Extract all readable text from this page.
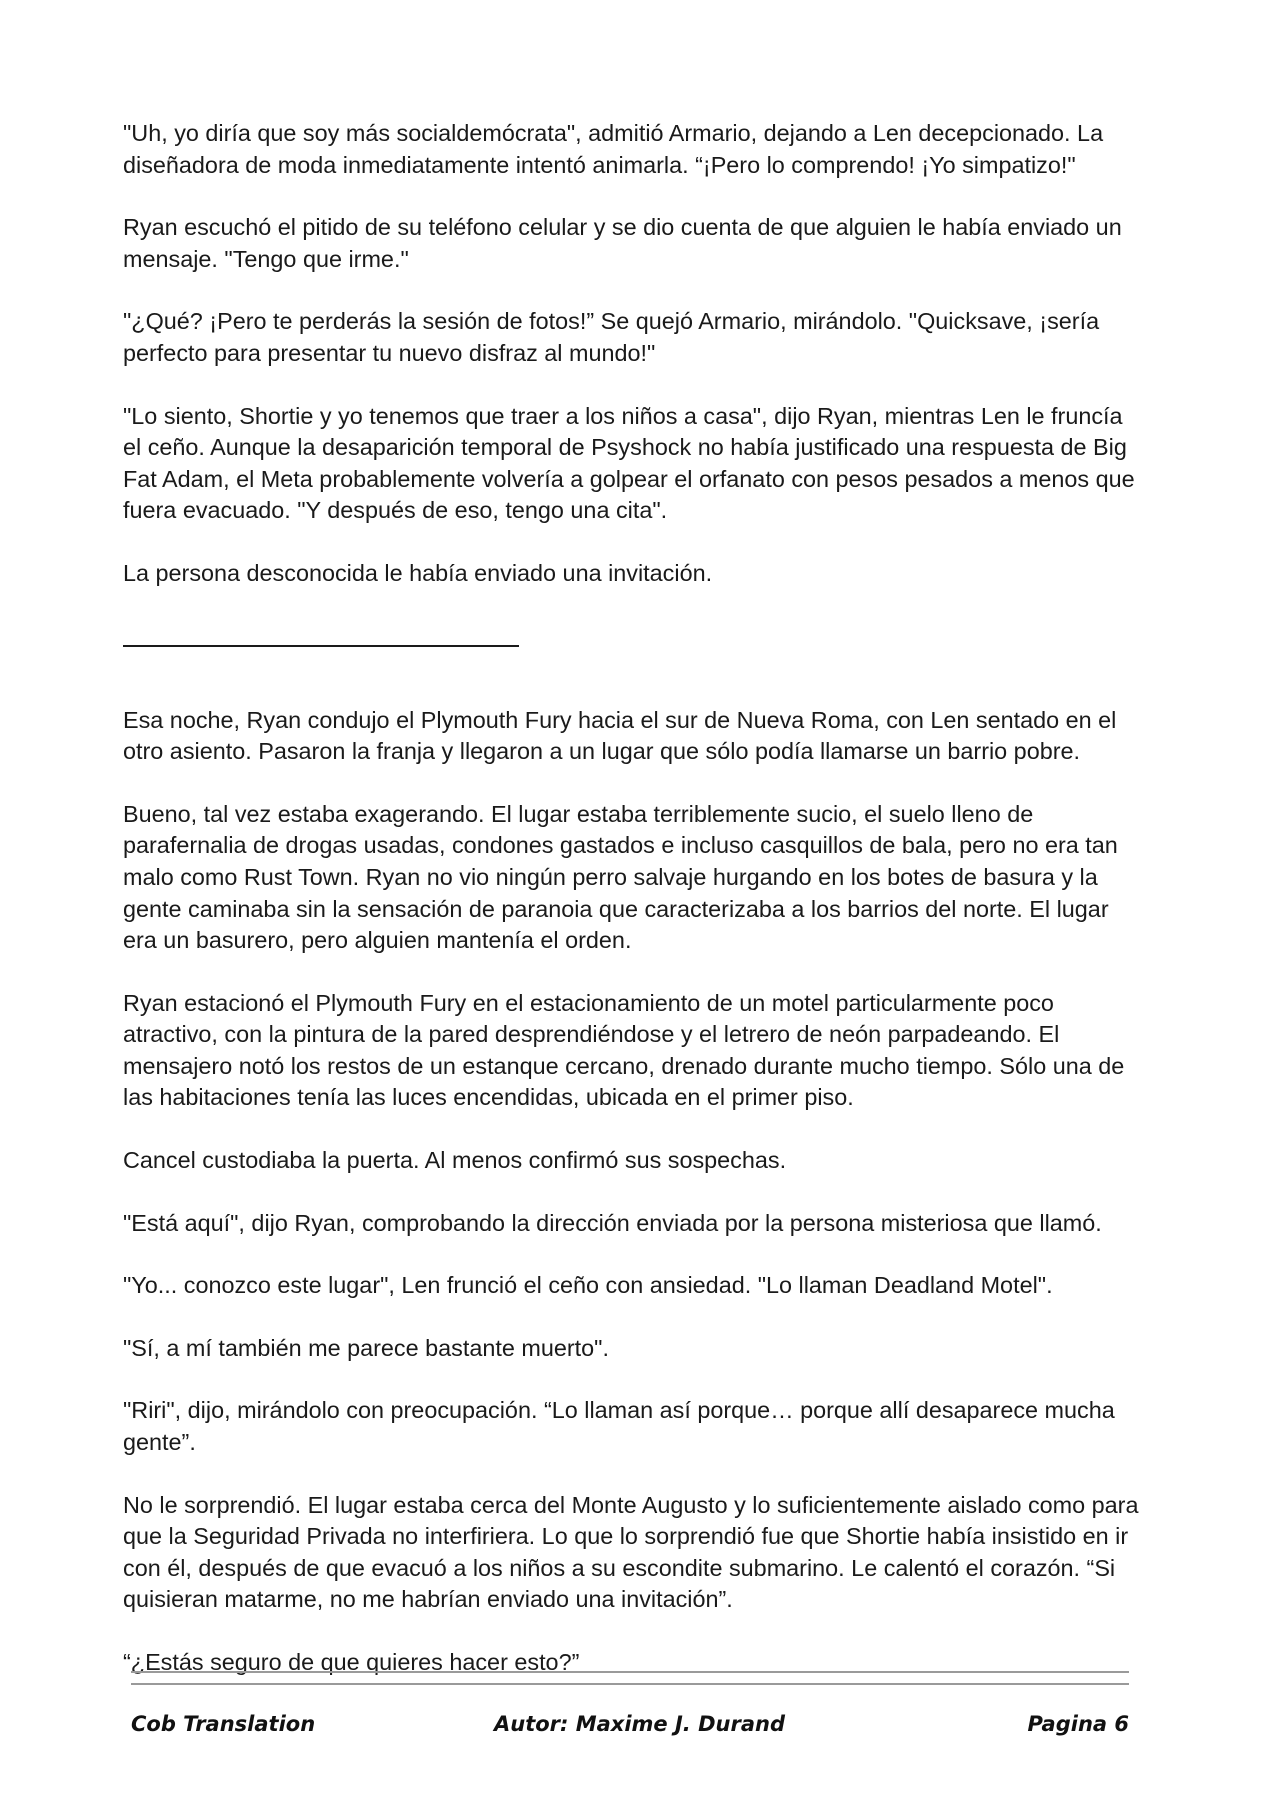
"Uh, yo diría que soy más socialdemócrata", admitió Armario, dejando a Len decepcionado. La diseñadora de moda inmediatamente intentó animarla. “¡Pero lo comprendo! ¡Yo simpatizo!"

Ryan escuchó el pitido de su teléfono celular y se dio cuenta de que alguien le había enviado un mensaje. "Tengo que irme."

"¿Qué? ¡Pero te perderás la sesión de fotos!” Se quejó Armario, mirándolo. "Quicksave, ¡sería perfecto para presentar tu nuevo disfraz al mundo!"

"Lo siento, Shortie y yo tenemos que traer a los niños a casa", dijo Ryan, mientras Len le fruncía el ceño. Aunque la desaparición temporal de Psyshock no había justificado una respuesta de Big Fat Adam, el Meta probablemente volvería a golpear el orfanato con pesos pesados a menos que fuera evacuado. "Y después de eso, tengo una cita".

La persona desconocida le había enviado una invitación.

Esa noche, Ryan condujo el Plymouth Fury hacia el sur de Nueva Roma, con Len sentado en el otro asiento. Pasaron la franja y llegaron a un lugar que sólo podía llamarse un barrio pobre.

Bueno, tal vez estaba exagerando. El lugar estaba terriblemente sucio, el suelo lleno de parafernalia de drogas usadas, condones gastados e incluso casquillos de bala, pero no era tan malo como Rust Town. Ryan no vio ningún perro salvaje hurgando en los botes de basura y la gente caminaba sin la sensación de paranoia que caracterizaba a los barrios del norte. El lugar era un basurero, pero alguien mantenía el orden.

Ryan estacionó el Plymouth Fury en el estacionamiento de un motel particularmente poco atractivo, con la pintura de la pared desprendiéndose y el letrero de neón parpadeando. El mensajero notó los restos de un estanque cercano, drenado durante mucho tiempo. Sólo una de las habitaciones tenía las luces encendidas, ubicada en el primer piso.

Cancel custodiaba la puerta. Al menos confirmó sus sospechas.

"Está aquí", dijo Ryan, comprobando la dirección enviada por la persona misteriosa que llamó.

"Yo... conozco este lugar", Len frunció el ceño con ansiedad. "Lo llaman Deadland Motel".

"Sí, a mí también me parece bastante muerto".

"Riri", dijo, mirándolo con preocupación. “Lo llaman así porque… porque allí desaparece mucha gente”.

No le sorprendió. El lugar estaba cerca del Monte Augusto y lo suficientemente aislado como para que la Seguridad Privada no interfiriera. Lo que lo sorprendió fue que Shortie había insistido en ir con él, después de que evacuó a los niños a su escondite submarino. Le calentó el corazón. “Si quisieran matarme, no me habrían enviado una invitación”.

“¿Estás seguro de que quieres hacer esto?”

Cob Translation	Autor: Maxime J. Durand	Pagina 6
